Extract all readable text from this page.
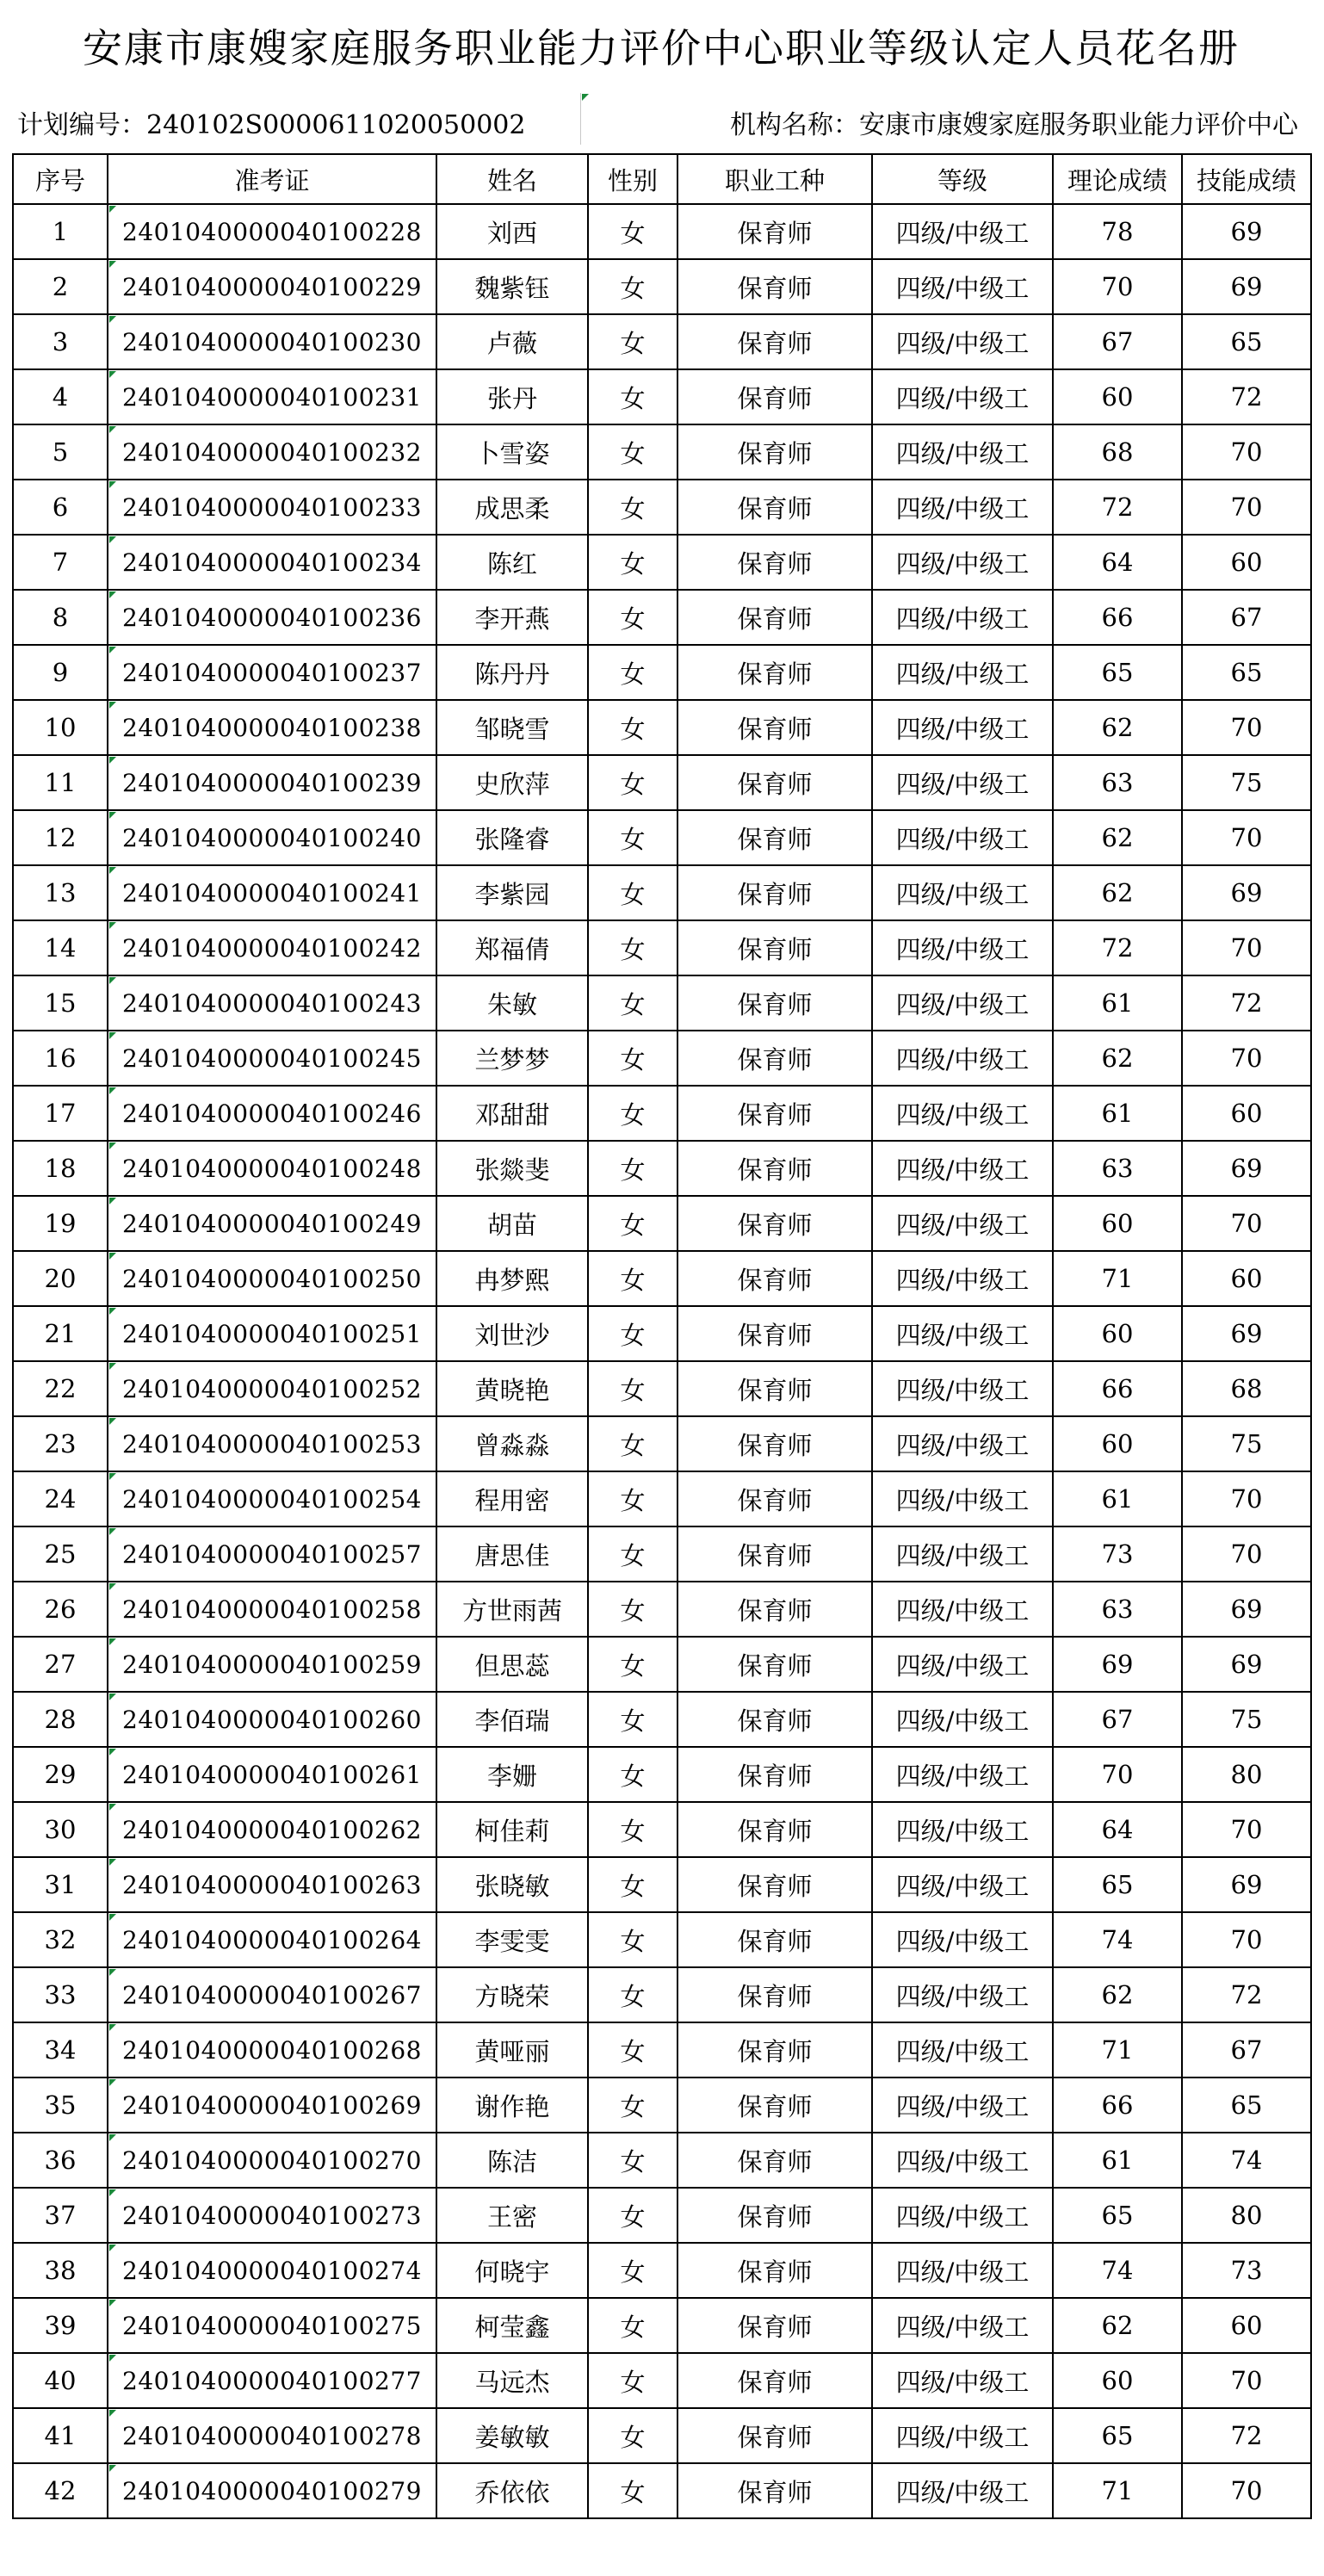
安康市康嫂家庭服务职业能力评价中心职业等级认定人员花名册
计划编号：240102S0000611020050002	机构名称：安康市康嫂家庭服务职业能力评价中心
序号	准考证	姓名	性别	职业工种	等级	理论成绩	技能成绩
1	2401040000040100228	刘西	女	保育师	四级/中级工	78	69
2	2401040000040100229	魏紫钰	女	保育师	四级/中级工	70	69
3	2401040000040100230	卢薇	女	保育师	四级/中级工	67	65
4	2401040000040100231	张丹	女	保育师	四级/中级工	60	72
5	2401040000040100232	卜雪姿	女	保育师	四级/中级工	68	70
6	2401040000040100233	成思柔	女	保育师	四级/中级工	72	70
7	2401040000040100234	陈红	女	保育师	四级/中级工	64	60
8	2401040000040100236	李开燕	女	保育师	四级/中级工	66	67
9	2401040000040100237	陈丹丹	女	保育师	四级/中级工	65	65
10	2401040000040100238	邹晓雪	女	保育师	四级/中级工	62	70
11	2401040000040100239	史欣萍	女	保育师	四级/中级工	63	75
12	2401040000040100240	张隆睿	女	保育师	四级/中级工	62	70
13	2401040000040100241	李紫园	女	保育师	四级/中级工	62	69
14	2401040000040100242	郑福倩	女	保育师	四级/中级工	72	70
15	2401040000040100243	朱敏	女	保育师	四级/中级工	61	72
16	2401040000040100245	兰梦梦	女	保育师	四级/中级工	62	70
17	2401040000040100246	邓甜甜	女	保育师	四级/中级工	61	60
18	2401040000040100248	张燚斐	女	保育师	四级/中级工	63	69
19	2401040000040100249	胡苗	女	保育师	四级/中级工	60	70
20	2401040000040100250	冉梦熙	女	保育师	四级/中级工	71	60
21	2401040000040100251	刘世沙	女	保育师	四级/中级工	60	69
22	2401040000040100252	黄晓艳	女	保育师	四级/中级工	66	68
23	2401040000040100253	曾淼淼	女	保育师	四级/中级工	60	75
24	2401040000040100254	程用密	女	保育师	四级/中级工	61	70
25	2401040000040100257	唐思佳	女	保育师	四级/中级工	73	70
26	2401040000040100258	方世雨茜	女	保育师	四级/中级工	63	69
27	2401040000040100259	但思蕊	女	保育师	四级/中级工	69	69
28	2401040000040100260	李佰瑞	女	保育师	四级/中级工	67	75
29	2401040000040100261	李姗	女	保育师	四级/中级工	70	80
30	2401040000040100262	柯佳莉	女	保育师	四级/中级工	64	70
31	2401040000040100263	张晓敏	女	保育师	四级/中级工	65	69
32	2401040000040100264	李雯雯	女	保育师	四级/中级工	74	70
33	2401040000040100267	方晓荣	女	保育师	四级/中级工	62	72
34	2401040000040100268	黄哑丽	女	保育师	四级/中级工	71	67
35	2401040000040100269	谢作艳	女	保育师	四级/中级工	66	65
36	2401040000040100270	陈洁	女	保育师	四级/中级工	61	74
37	2401040000040100273	王密	女	保育师	四级/中级工	65	80
38	2401040000040100274	何晓宇	女	保育师	四级/中级工	74	73
39	2401040000040100275	柯莹鑫	女	保育师	四级/中级工	62	60
40	2401040000040100277	马远杰	女	保育师	四级/中级工	60	70
41	2401040000040100278	姜敏敏	女	保育师	四级/中级工	65	72
42	2401040000040100279	乔依依	女	保育师	四级/中级工	71	70
